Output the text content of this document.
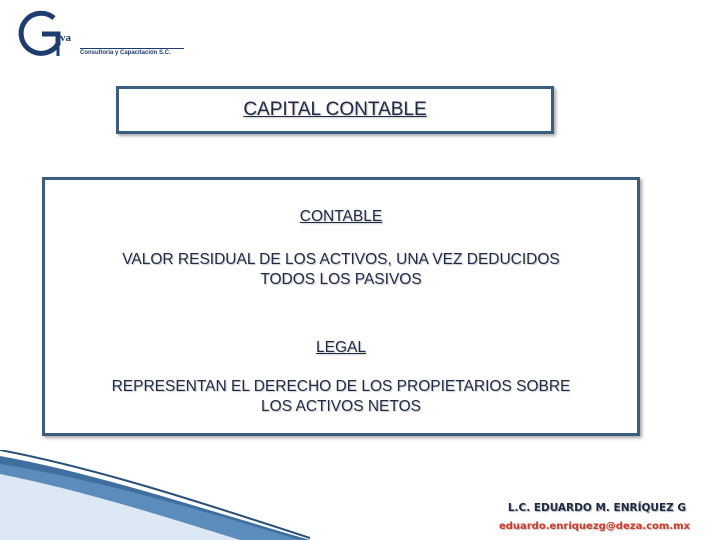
va
Consultoría y Capacitación S.C.
CAPITAL CONTABLE
CONTABLE
VALOR RESIDUAL DE LOS ACTIVOS, UNA VEZ DEDUCIDOS
TODOS LOS PASIVOS
LEGAL
REPRESENTAN EL DERECHO DE LOS PROPIETARIOS SOBRE
LOS ACTIVOS NETOS
L.C. EDUARDO M. ENRÍQUEZ G
eduardo.enriquezg@deza.com.mx
